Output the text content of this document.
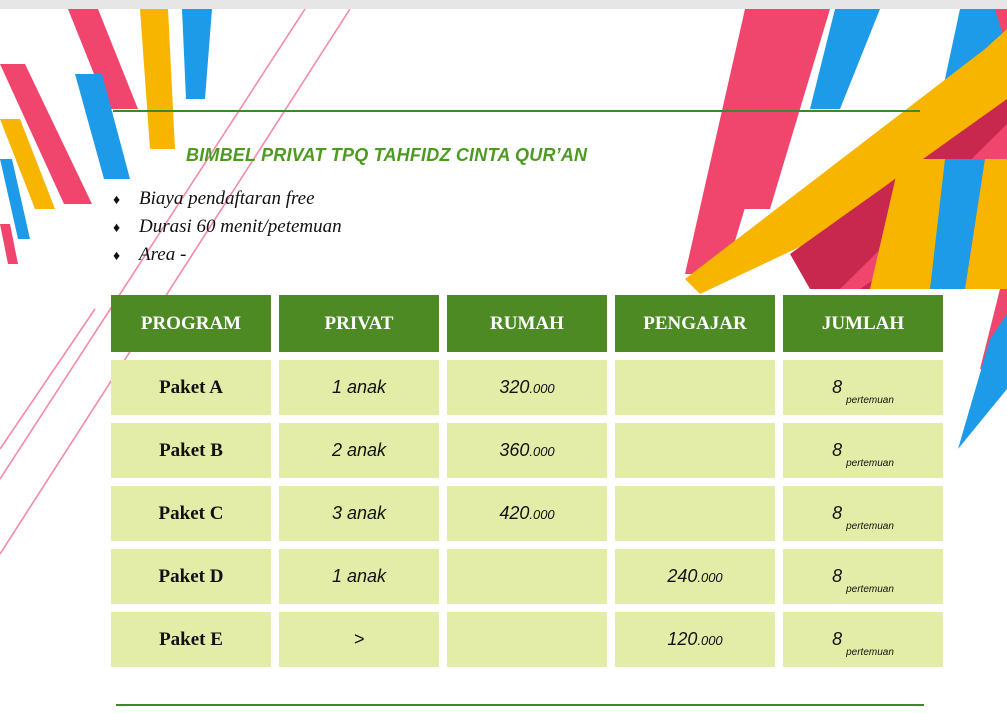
BIMBEL PRIVAT TPQ TAHFIDZ CINTA QUR’AN
♦ Biaya pendaftaran free
♦ Durasi 60 menit/petemuan
♦ Area -
PROGRAM	PRIVAT	RUMAH	PENGAJAR	JUMLAH
Paket A	1 anak	320.000		$8_{pertemuan}$
Paket B	2 anak	360.000		$8_{pertemuan}$
Paket C	3 anak	420.000		$8_{pertemuan}$
Paket D	1 anak		240.000	$8_{pertemuan}$
Paket E	>		120.000	$8_{pertemuan}$
